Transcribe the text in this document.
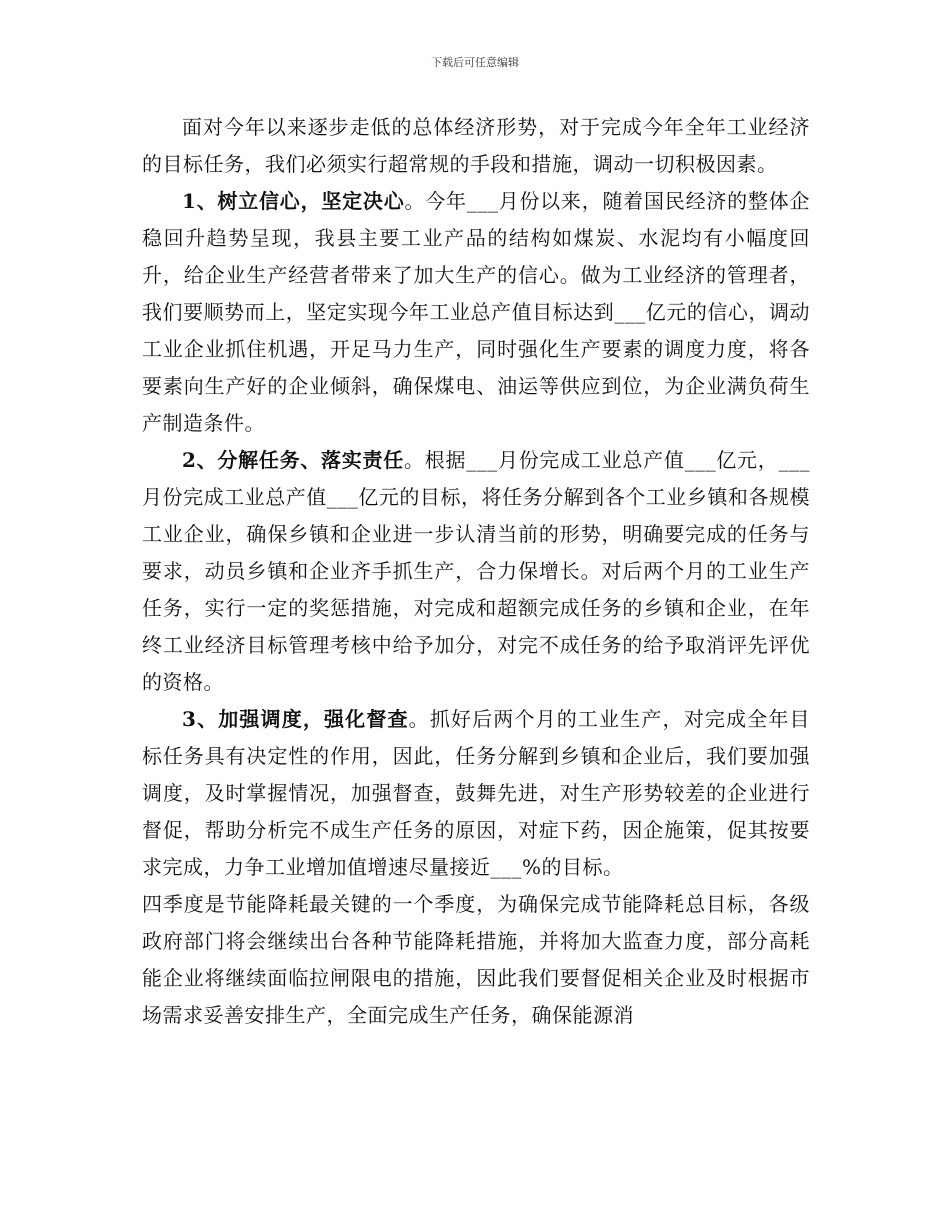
下载后可任意编辑

面对今年以来逐步走低的总体经济形势，对于完成今年全年工业经济的目标任务，我们必须实行超常规的手段和措施，调动一切积极因素。

1、树立信心，坚定决心。今年___月份以来，随着国民经济的整体企稳回升趋势呈现，我县主要工业产品的结构如煤炭、水泥均有小幅度回升，给企业生产经营者带来了加大生产的信心。做为工业经济的管理者，我们要顺势而上，坚定实现今年工业总产值目标达到___亿元的信心，调动工业企业抓住机遇，开足马力生产，同时强化生产要素的调度力度，将各要素向生产好的企业倾斜，确保煤电、油运等供应到位，为企业满负荷生产制造条件。

2、分解任务、落实责任。根据___月份完成工业总产值___亿元，___月份完成工业总产值___亿元的目标，将任务分解到各个工业乡镇和各规模工业企业，确保乡镇和企业进一步认清当前的形势，明确要完成的任务与要求，动员乡镇和企业齐手抓生产，合力保增长。对后两个月的工业生产任务，实行一定的奖惩措施，对完成和超额完成任务的乡镇和企业，在年终工业经济目标管理考核中给予加分，对完不成任务的给予取消评先评优的资格。

3、加强调度，强化督查。抓好后两个月的工业生产，对完成全年目标任务具有决定性的作用，因此，任务分解到乡镇和企业后，我们要加强调度，及时掌握情况，加强督查，鼓舞先进，对生产形势较差的企业进行督促，帮助分析完不成生产任务的原因，对症下药，因企施策，促其按要求完成，力争工业增加值增速尽量接近___%的目标。

四季度是节能降耗最关键的一个季度，为确保完成节能降耗总目标，各级政府部门将会继续出台各种节能降耗措施，并将加大监查力度，部分高耗能企业将继续面临拉闸限电的措施，因此我们要督促相关企业及时根据市场需求妥善安排生产，全面完成生产任务，确保能源消
